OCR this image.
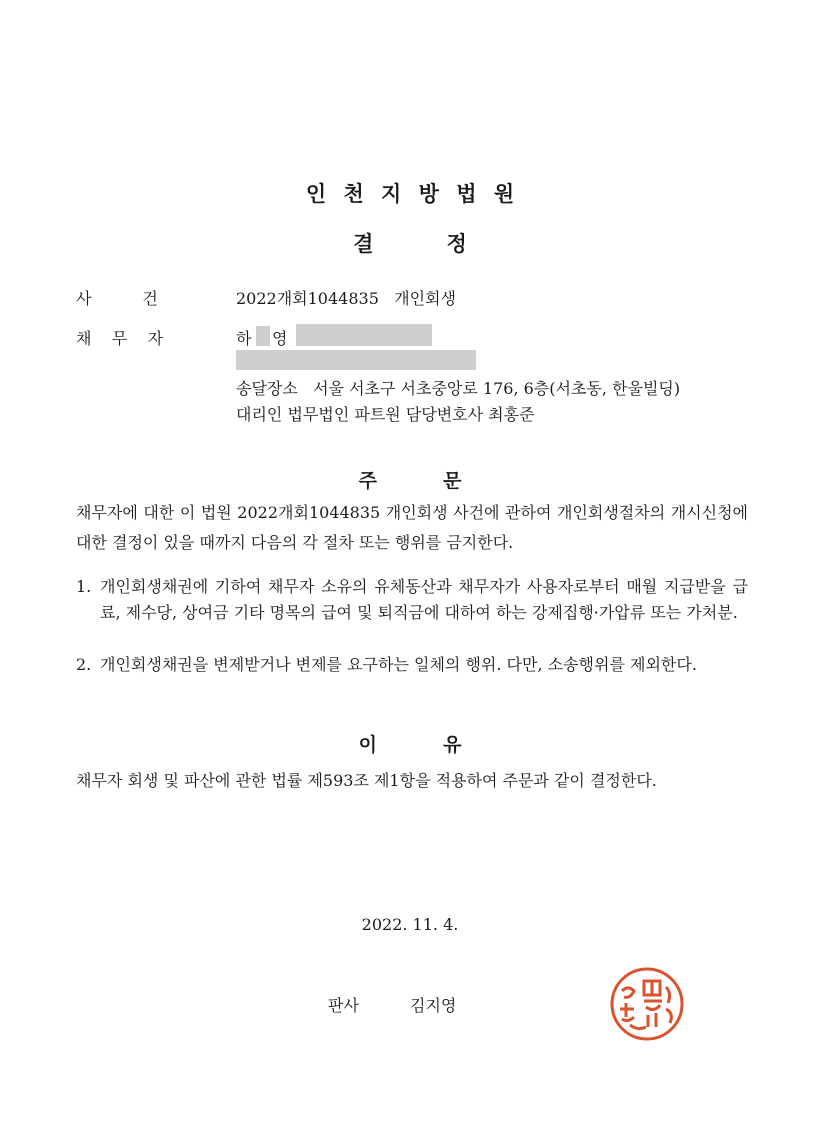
인 천 지 방 법 원
결          정
사          건	2022개회1044835   개인회생
채    무    자	하 영
송달장소   서울 서초구 서초중앙로 176, 6층(서초동, 한울빌딩)
대리인 법무법인 파트원 담당변호사 최홍준
주          문
채무자에 대한 이 법원 2022개회1044835 개인회생 사건에 관하여 개인회생절차의 개시신청에 대한 결정이 있을 때까지 다음의 각 절차 또는 행위를 금지한다.
1. 개인회생채권에 기하여 채무자 소유의 유체동산과 채무자가 사용자로부터 매월 지급받을 급료, 제수당, 상여금 기타 명목의 급여 및 퇴직금에 대하여 하는 강제집행·가압류 또는 가처분.
2. 개인회생채권을 변제받거나 변제를 요구하는 일체의 행위. 다만, 소송행위를 제외한다.
이          유
채무자 회생 및 파산에 관한 법률 제593조 제1항을 적용하여 주문과 같이 결정한다.
2022. 11. 4.
판사	김지영
